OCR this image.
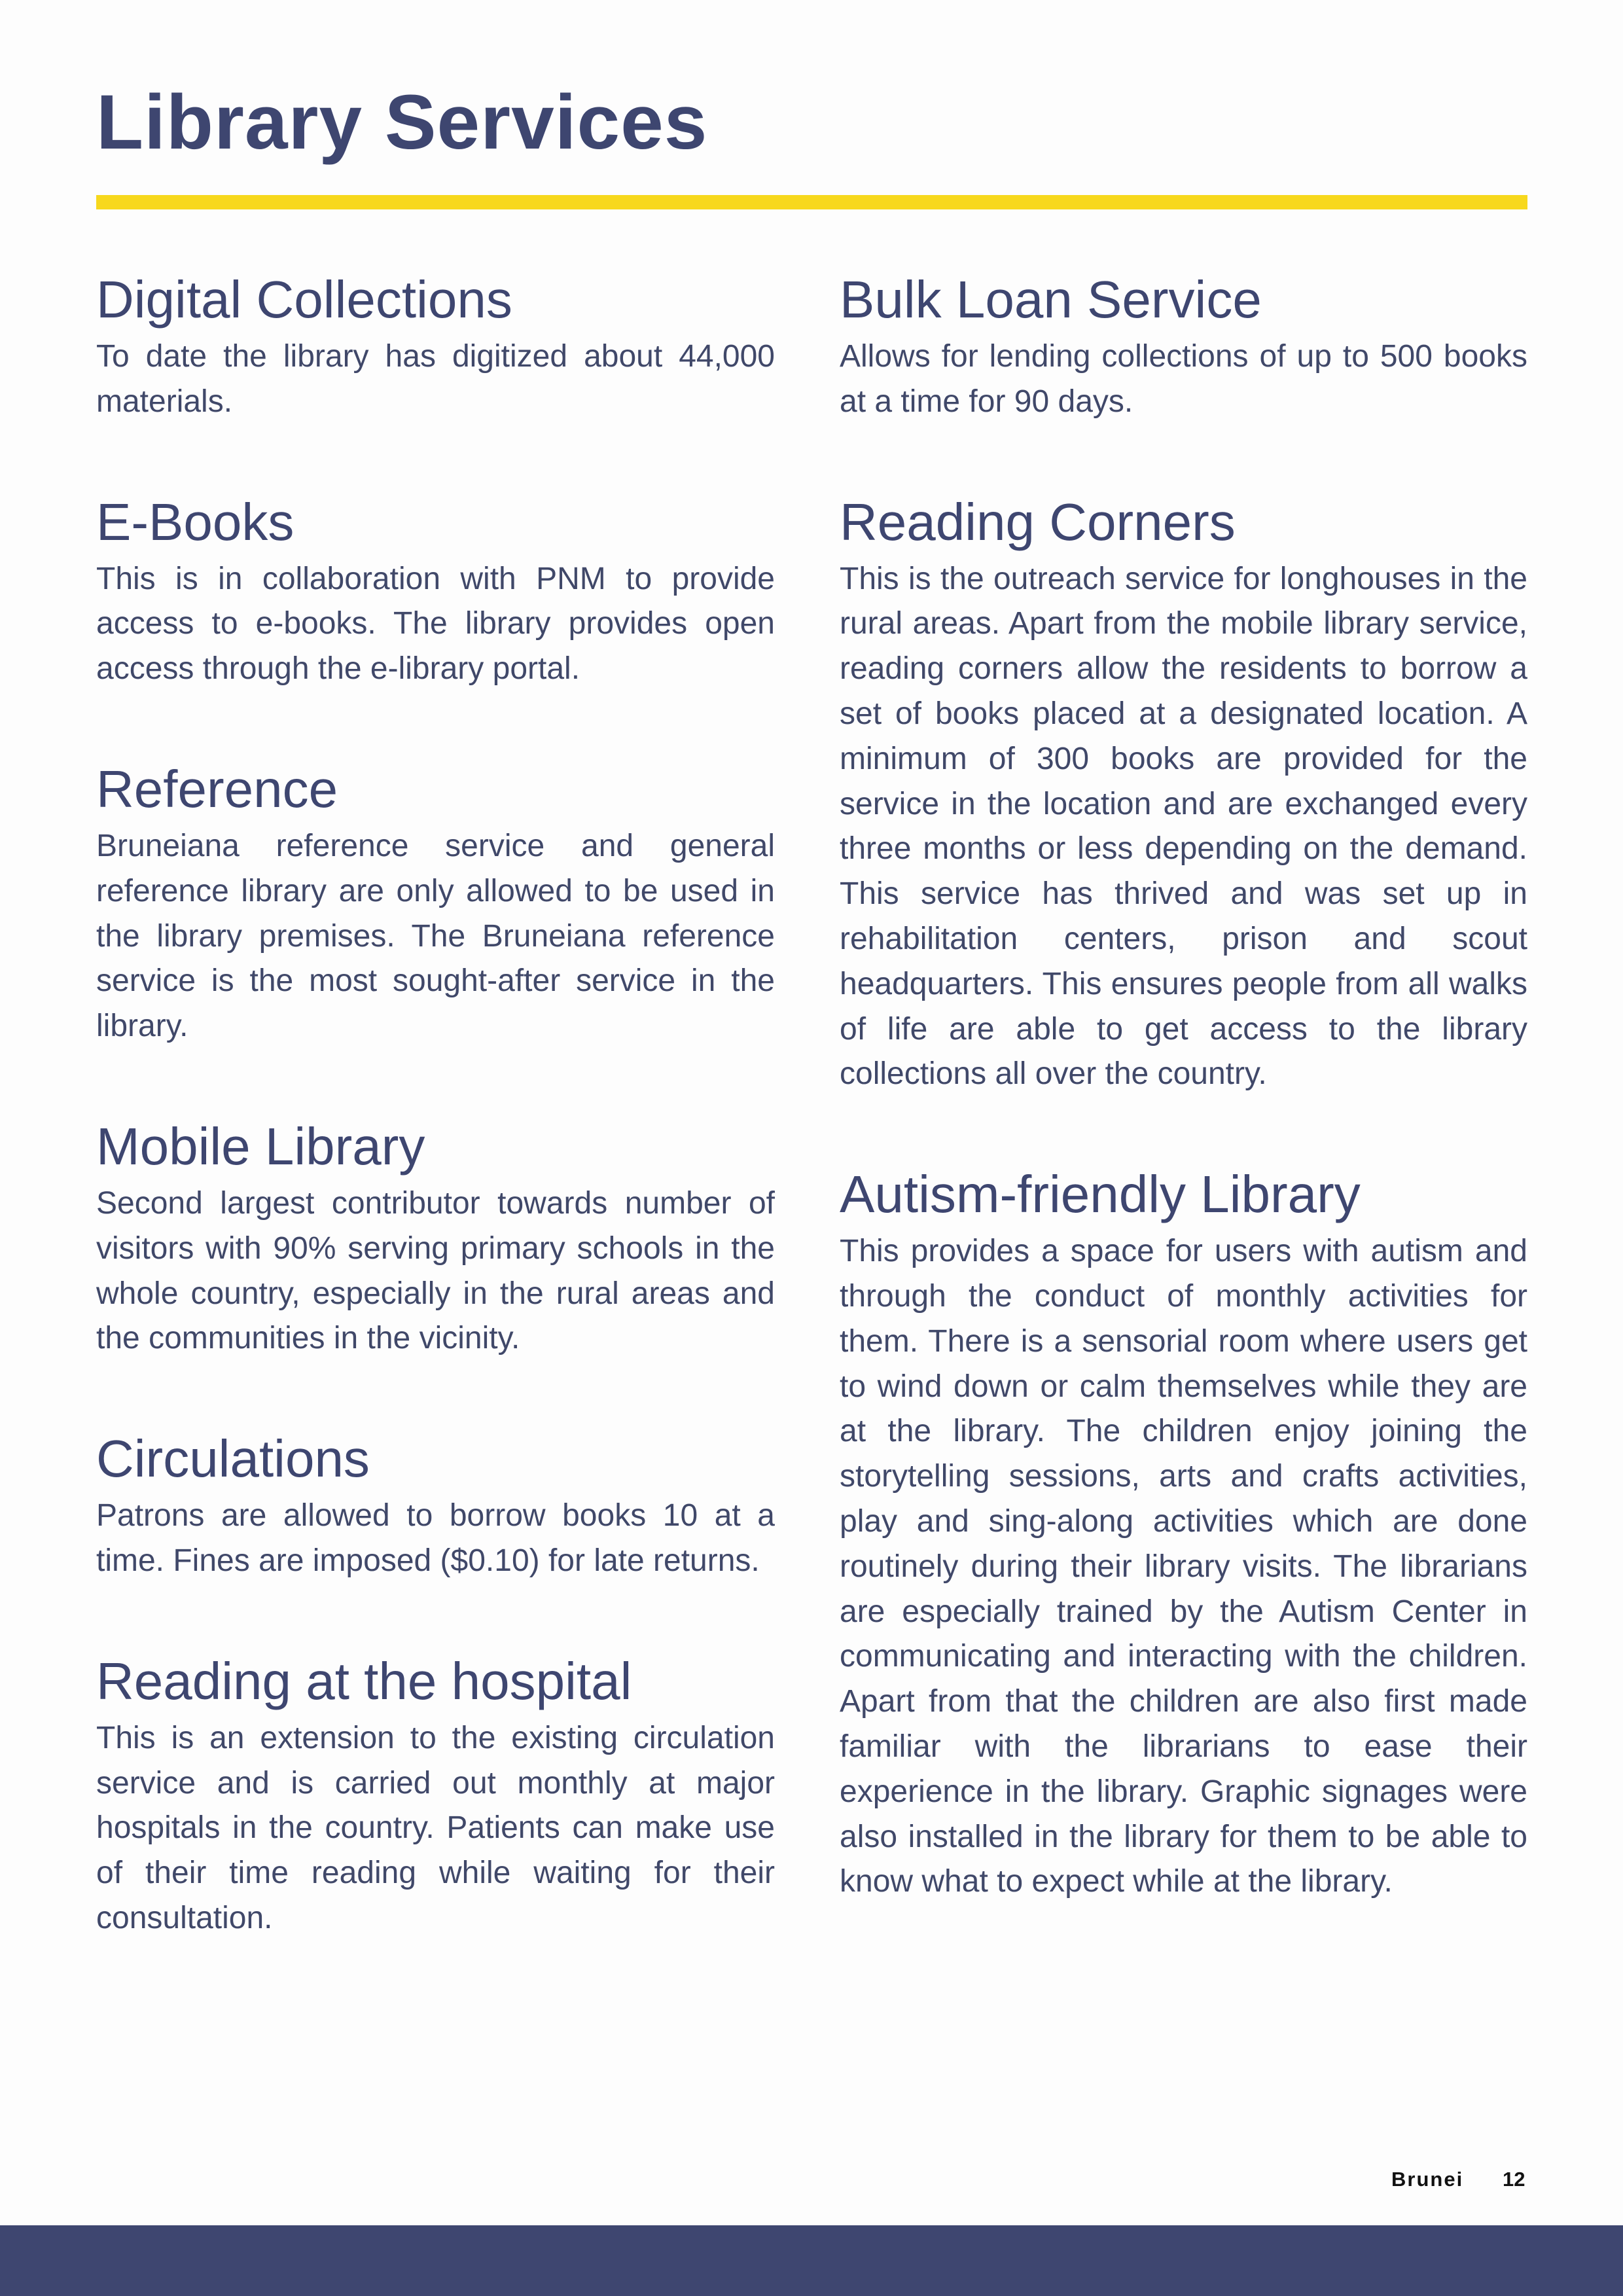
Library Services
Digital Collections

To date the library has digitized about 44,000 materials.

E-Books

This is in collaboration with PNM to provide access to e-books. The library provides open access through the e-library portal.

Reference

Bruneiana reference service and general reference library are only allowed to be used in the library premises. The Bruneiana reference service is the most sought-after service in the library.

Mobile Library

Second largest contributor towards number of visitors with 90% serving primary schools in the whole country, especially in the rural areas and the communities in the vicinity.

Circulations

Patrons are allowed to borrow books 10 at a time. Fines are imposed ($0.10) for late returns.

Reading at the hospital

This is an extension to the existing circulation service and is carried out monthly at major hospitals in the country. Patients can make use of their time reading while waiting for their consultation.

Bulk Loan Service

Allows for lending collections of up to 500 books at a time for 90 days.

Reading Corners

This is the outreach service for longhouses in the rural areas. Apart from the mobile library service, reading corners allow the residents to borrow a set of books placed at a designated location. A minimum of 300 books are provided for the service in the location and are exchanged every three months or less depending on the demand. This service has thrived and was set up in rehabilitation centers, prison and scout headquarters. This ensures people from all walks of life are able to get access to the library collections all over the country.

Autism-friendly Library

This provides a space for users with autism and through the conduct of monthly activities for them. There is a sensorial room where users get to wind down or calm themselves while they are at the library. The children enjoy joining the storytelling sessions, arts and crafts activities, play and sing-along activities which are done routinely during their library visits. The librarians are especially trained by the Autism Center in communicating and interacting with the children. Apart from that the children are also first made familiar with the librarians to ease their experience in the library. Graphic signages were also installed in the library for them to be able to know what to expect while at the library.

Brunei 12
